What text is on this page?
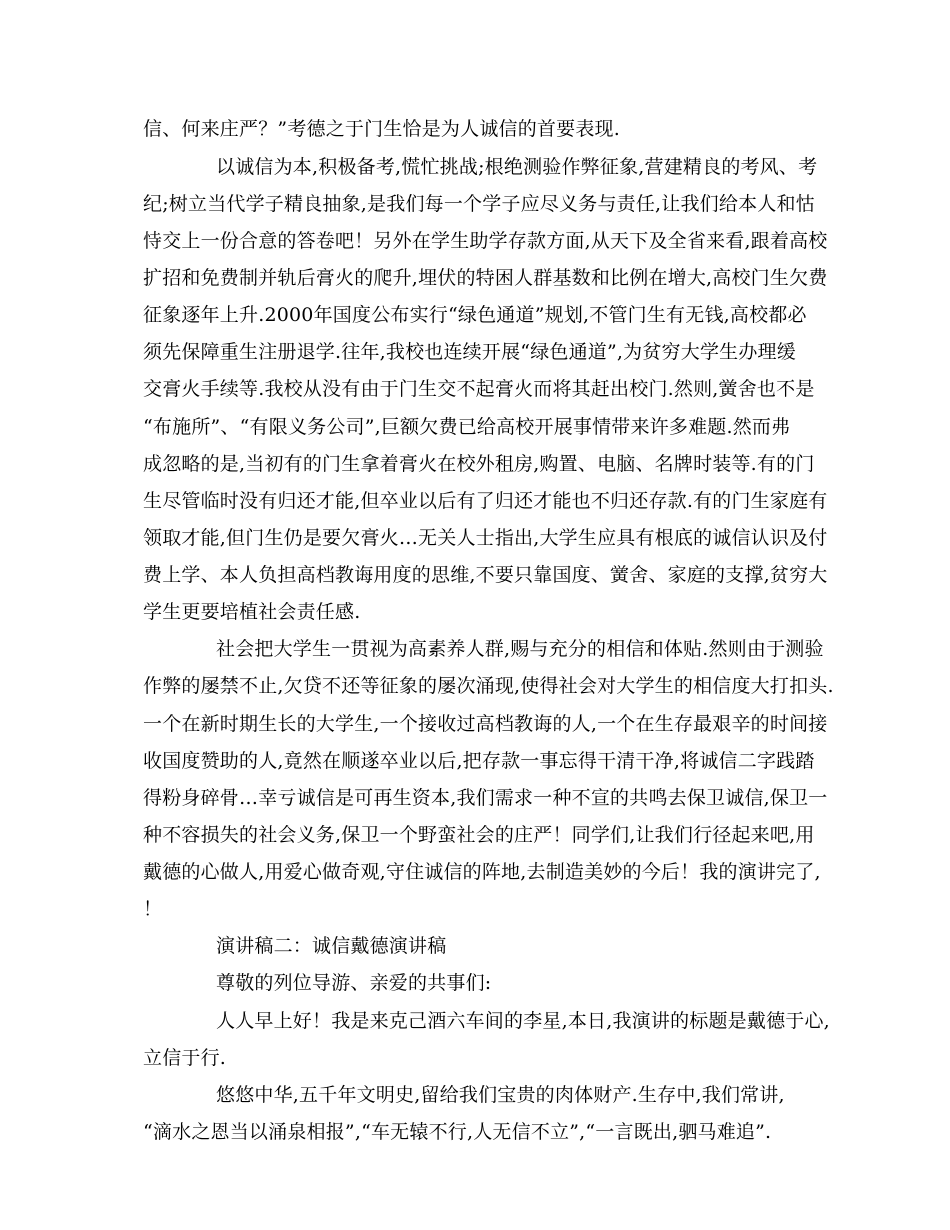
信、何来庄严？”考德之于门生恰是为人诚信的首要表现.
以诚信为本,积极备考,慌忙挑战;根绝测验作弊征象,营建精良的考风、考
纪;树立当代学子精良抽象,是我们每一个学子应尽义务与责任,让我们给本人和怙
恃交上一份合意的答卷吧！另外在学生助学存款方面,从天下及全省来看,跟着高校
扩招和免费制并轨后膏火的爬升,埋伏的特困人群基数和比例在增大,高校门生欠费
征象逐年上升.2000年国度公布实行“绿色通道”规划,不管门生有无钱,高校都必
须先保障重生注册退学.往年,我校也连续开展“绿色通道”,为贫穷大学生办理缓
交膏火手续等.我校从没有由于门生交不起膏火而将其赶出校门.然则,黉舍也不是
“布施所”、“有限义务公司”,巨额欠费已给高校开展事情带来许多难题.然而弗
成忽略的是,当初有的门生拿着膏火在校外租房,购置、电脑、名牌时装等.有的门
生尽管临时没有归还才能,但卒业以后有了归还才能也不归还存款.有的门生家庭有
领取才能,但门生仍是要欠膏火…无关人士指出,大学生应具有根底的诚信认识及付
费上学、本人负担高档教诲用度的思维,不要只靠国度、黉舍、家庭的支撑,贫穷大
学生更要培植社会责任感.
社会把大学生一贯视为高素养人群,赐与充分的相信和体贴.然则由于测验
作弊的屡禁不止,欠贷不还等征象的屡次涌现,使得社会对大学生的相信度大打扣头.
一个在新时期生长的大学生,一个接收过高档教诲的人,一个在生存最艰辛的时间接
收国度赞助的人,竟然在顺遂卒业以后,把存款一事忘得干清干净,将诚信二字践踏
得粉身碎骨…幸亏诚信是可再生资本,我们需求一种不宣的共鸣去保卫诚信,保卫一
种不容损失的社会义务,保卫一个野蛮社会的庄严！同学们,让我们行径起来吧,用
戴德的心做人,用爱心做奇观,守住诚信的阵地,去制造美妙的今后！我的演讲完了,
！
演讲稿二：诚信戴德演讲稿
尊敬的列位导游、亲爱的共事们:
人人早上好！我是来克己酒六车间的李星,本日,我演讲的标题是戴德于心,
立信于行.
悠悠中华,五千年文明史,留给我们宝贵的肉体财产.生存中,我们常讲,
“滴水之恩当以涌泉相报”,“车无辕不行,人无信不立”,“一言既出,驷马难追”.
